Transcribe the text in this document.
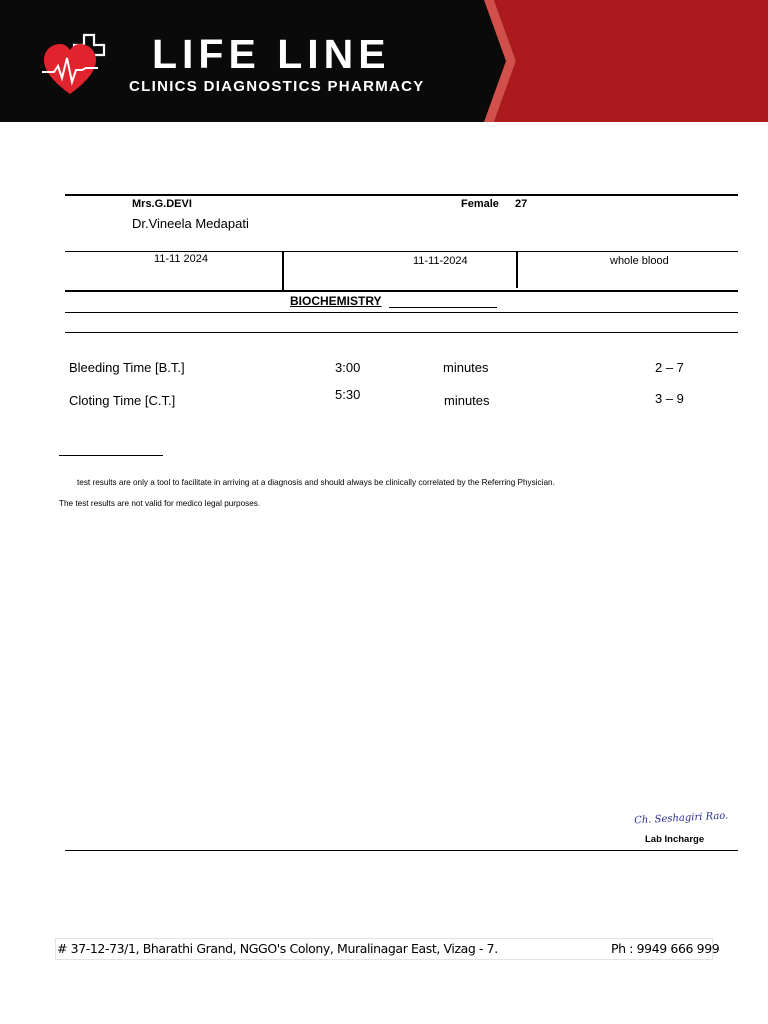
LIFE LINE
CLINICS DIAGNOSTICS PHARMACY
Mrs.G.DEVI	Female 27
Dr.Vineela Medapati
11-11 2024	11-11-2024	whole blood
BIOCHEMISTRY
Bleeding Time [B.T.]	3:00	minutes	2 – 7
Cloting Time [C.T.]	5:30	minutes	3 – 9
test results are only a tool to facilitate in arriving at a diagnosis and should always be clinically correlated by the Referring Physician.
The test results are not valid for medico legal purposes.
Ch. Seshagiri Rao.
Lab Incharge
# 37-12-73/1, Bharathi Grand, NGGO's Colony, Muralinagar East, Vizag - 7.	Ph : 9949 666 999
